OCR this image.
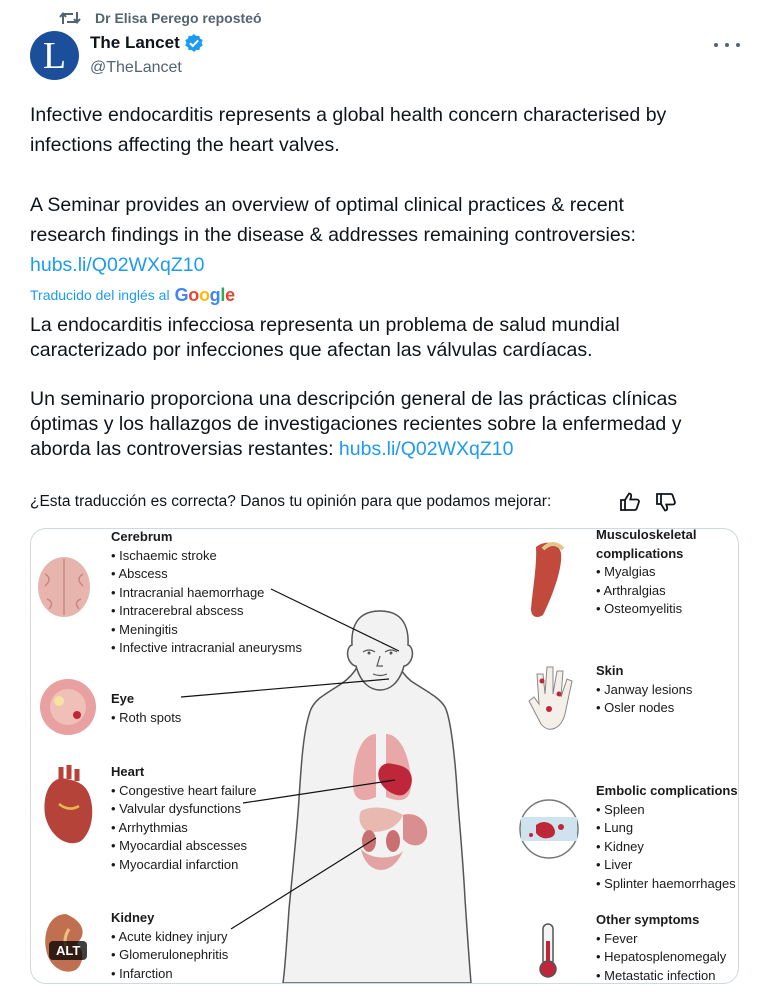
Dr Elisa Perego reposteó
L The Lancet
@TheLancet
Infective endocarditis represents a global health concern characterised by
infections affecting the heart valves.
A Seminar provides an overview of optimal clinical practices & recent
research findings in the disease & addresses remaining controversies:
hubs.li/Q02WXqZ10
Traducido del inglés al Google
La endocarditis infecciosa representa un problema de salud mundial
caracterizado por infecciones que afectan las válvulas cardíacas.
Un seminario proporciona una descripción general de las prácticas clínicas
óptimas y los hallazgos de investigaciones recientes sobre la enfermedad y
aborda las controversias restantes: hubs.li/Q02WXqZ10
¿Esta traducción es correcta? Danos tu opinión para que podamos mejorar:
Cerebrum
• Ischaemic stroke
• Abscess
• Intracranial haemorrhage
• Intracerebral abscess
• Meningitis
• Infective intracranial aneurysms
Eye
• Roth spots
Heart
• Congestive heart failure
• Valvular dysfunctions
• Arrhythmias
• Myocardial abscesses
• Myocardial infarction
Kidney
• Acute kidney injury
• Glomerulonephritis
• Infarction
Musculoskeletal
complications
• Myalgias
• Arthralgias
• Osteomyelitis
Skin
• Janway lesions
• Osler nodes
Embolic complications
• Spleen
• Lung
• Kidney
• Liver
• Splinter haemorrhages
Other symptoms
• Fever
• Hepatosplenomegaly
• Metastatic infection
ALT
